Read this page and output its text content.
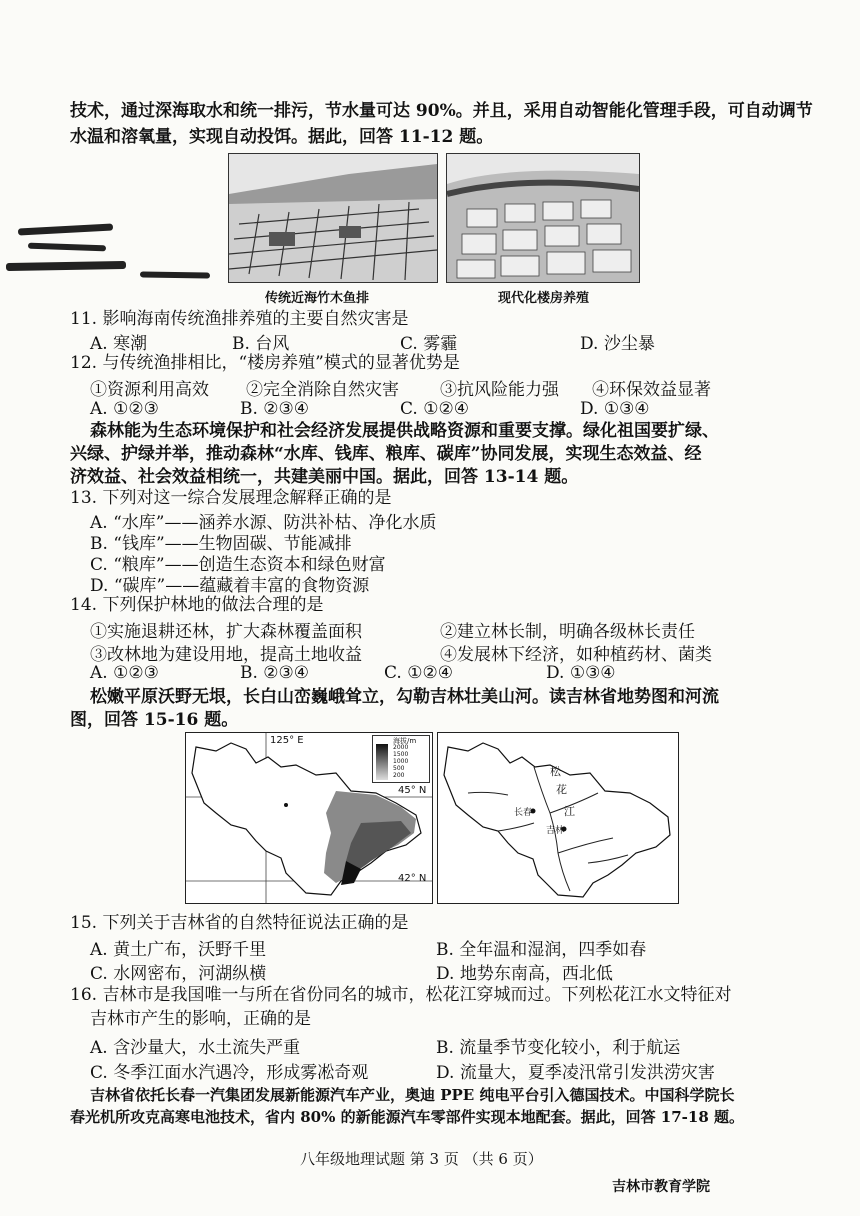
技术，通过深海取水和统一排污，节水量可达 90%。并且，采用自动智能化管理手段，可自动调节
水温和溶氧量，实现自动投饵。据此，回答 11-12 题。
传统近海竹木鱼排	现代化楼房养殖
11. 影响海南传统渔排养殖的主要自然灾害是
A. 寒潮	B. 台风	C. 雾霾	D. 沙尘暴
12. 与传统渔排相比，“楼房养殖”模式的显著优势是
①资源利用高效 ②完全消除自然灾害 ③抗风险能力强 ④环保效益显著
A. ①②③	B. ②③④	C. ①②④	D. ①③④
森林能为生态环境保护和社会经济发展提供战略资源和重要支撑。绿化祖国要扩绿、
兴绿、护绿并举，推动森林“水库、钱库、粮库、碳库”协同发展，实现生态效益、经
济效益、社会效益相统一，共建美丽中国。据此，回答 13-14 题。
13. 下列对这一综合发展理念解释正确的是
A. “水库”——涵养水源、防洪补枯、净化水质
B. “钱库”——生物固碳、节能减排
C. “粮库”——创造生态资本和绿色财富
D. “碳库”——蕴藏着丰富的食物资源
14. 下列保护林地的做法合理的是
①实施退耕还林，扩大森林覆盖面积	②建立林长制，明确各级林长责任
③改林地为建设用地，提高土地收益	④发展林下经济，如种植药材、菌类
A. ①②③	B. ②③④	C. ①②④	D. ①③④
松嫩平原沃野无垠，长白山峦巍峨耸立，勾勒吉林壮美山河。读吉林省地势图和河流
图，回答 15-16 题。
125° E
45° N
42° N
海拔/m
2000
1500
1000
500
200	松
花
江
长春
吉林
15. 下列关于吉林省的自然特征说法正确的是
A. 黄土广布，沃野千里	B. 全年温和湿润，四季如春
C. 水网密布，河湖纵横	D. 地势东南高，西北低
16. 吉林市是我国唯一与所在省份同名的城市，松花江穿城而过。下列松花江水文特征对
吉林市产生的影响，正确的是
A. 含沙量大，水土流失严重	B. 流量季节变化较小，利于航运
C. 冬季江面水汽遇冷，形成雾凇奇观	D. 流量大，夏季凌汛常引发洪涝灾害
吉林省依托长春一汽集团发展新能源汽车产业，奥迪 PPE 纯电平台引入德国技术。中国科学院长
春光机所攻克高寒电池技术，省内 80% 的新能源汽车零部件实现本地配套。据此，回答 17-18 题。
八年级地理试题 第 3 页 （共 6 页）
吉林市教育学院
